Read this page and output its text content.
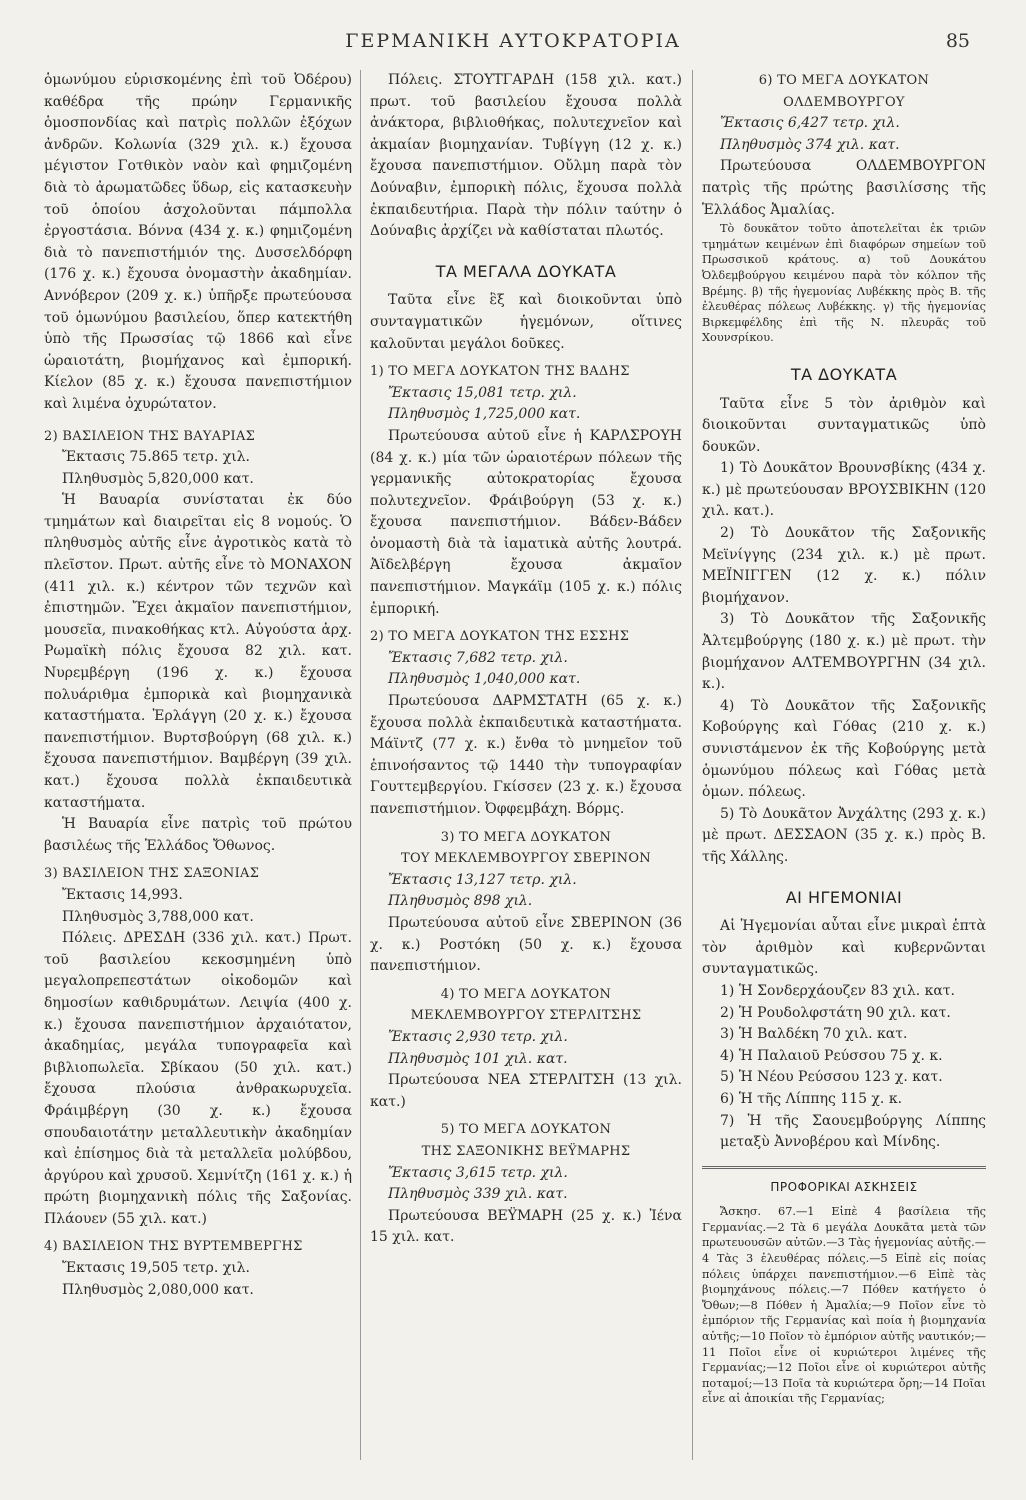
ΓΕΡΜΑΝΙΚΗ ΑΥΤΟΚΡΑΤΟΡΙΑ	85

ὁμωνύμου εὑρισκομένης ἐπὶ τοῦ Ὀδέρου) καθέδρα τῆς πρώην Γερμανικῆς ὁμοσπονδίας καὶ πατρὶς πολλῶν ἐξόχων ἀνδρῶν. Κολωνία (329 χιλ. κ.) ἔχουσα μέγιστον Γοτθικὸν ναὸν καὶ φημιζομένη διὰ τὸ ἀρωματῶδες ὕδωρ, εἰς κατασκευὴν τοῦ ὁποίου ἀσχολοῦνται πάμπολλα ἐργοστάσια. Βόννα (434 χ. κ.) φημιζομένη διὰ τὸ πανεπιστήμιόν της. Δυσσελδόρφη (176 χ. κ.) ἔχουσα ὀνομαστὴν ἀκαδημίαν. Αννόβερον (209 χ. κ.) ὑπῆρξε πρωτεύουσα τοῦ ὁμωνύμου βασιλείου, ὅπερ κατεκτήθη ὑπὸ τῆς Πρωσσίας τῷ 1866 καὶ εἶνε ὡραιοτάτη, βιομήχανος καὶ ἐμπορική. Κίελον (85 χ. κ.) ἔχουσα πανεπιστήμιον καὶ λιμένα ὀχυρώτατον.

2) ΒΑΣΙΛΕΙΟΝ ΤΗΣ ΒΑΥΑΡΙΑΣ

Ἔκτασις 75.865 τετρ. χιλ.

Πληθυσμὸς 5,820,000 κατ.

Ἡ Βαυαρία συνίσταται ἐκ δύο τμημάτων καὶ διαιρεῖται εἰς 8 νομούς. Ὁ πληθυσμὸς αὐτῆς εἶνε ἀγροτικὸς κατὰ τὸ πλεῖστον. Πρωτ. αὐτῆς εἶνε τὸ ΜΟΝΑΧΟΝ (411 χιλ. κ.) κέντρον τῶν τεχνῶν καὶ ἐπιστημῶν. Ἔχει ἀκμαῖον πανεπιστήμιον, μουσεῖα, πινακοθήκας κτλ. Αὐγούστα ἀρχ. Ρωμαϊκὴ πόλις ἔχουσα 82 χιλ. κατ. Νυρεμβέργη (196 χ. κ.) ἔχουσα πολυάριθμα ἐμπορικὰ καὶ βιομηχανικὰ καταστήματα. Ἐρλάγγη (20 χ. κ.) ἔχουσα πανεπιστήμιον. Βυρτσβούργη (68 χιλ. κ.) ἔχουσα πανεπιστήμιον. Βαμβέργη (39 χιλ. κατ.) ἔχουσα πολλὰ ἐκπαιδευτικὰ καταστήματα.

Ἡ Βαυαρία εἶνε πατρὶς τοῦ πρώτου βασιλέως τῆς Ἑλλάδος Ὄθωνος.

3) ΒΑΣΙΛΕΙΟΝ ΤΗΣ ΣΑΞΟΝΙΑΣ

Ἔκτασις 14,993.

Πληθυσμὸς 3,788,000 κατ.

Πόλεις. ΔΡΕΣΔΗ (336 χιλ. κατ.) Πρωτ. τοῦ βασιλείου κεκοσμημένη ὑπὸ μεγαλοπρεπεστάτων οἰκοδομῶν καὶ δημοσίων καθιδρυμάτων. Λειψία (400 χ. κ.) ἔχουσα πανεπιστήμιον ἀρχαιότατον, ἀκαδημίας, μεγάλα τυπογραφεῖα καὶ βιβλιοπωλεῖα. Σβίκαου (50 χιλ. κατ.) ἔχουσα πλούσια ἀνθρακωρυχεῖα. Φράιμβέργη (30 χ. κ.) ἔχουσα σπουδαιοτάτην μεταλλευτικὴν ἀκαδημίαν καὶ ἐπίσημος διὰ τὰ μεταλλεῖα μολύβδου, ἀργύρου καὶ χρυσοῦ. Χεμνίτζη (161 χ. κ.) ἡ πρώτη βιομηχανικὴ πόλις τῆς Σαξονίας. Πλάουεν (55 χιλ. κατ.)

4) ΒΑΣΙΛΕΙΟΝ ΤΗΣ ΒΥΡΤΕΜΒΕΡΓΗΣ

Ἔκτασις 19,505 τετρ. χιλ.

Πληθυσμὸς 2,080,000 κατ.

Πόλεις. ΣΤΟΥΤΓΑΡΔΗ (158 χιλ. κατ.) πρωτ. τοῦ βασιλείου ἔχουσα πολλὰ ἀνάκτορα, βιβλιοθήκας, πολυτεχνεῖον καὶ ἀκμαίαν βιομηχανίαν. Τυβίγγη (12 χ. κ.) ἔχουσα πανεπιστήμιον. Οὔλμη παρὰ τὸν Δούναβιν, ἐμπορικὴ πόλις, ἔχουσα πολλὰ ἐκπαιδευτήρια. Παρὰ τὴν πόλιν ταύτην ὁ Δούναβις ἀρχίζει νὰ καθίσταται πλωτός.

ΤΑ ΜΕΓΑΛΑ ΔΟΥΚΑΤΑ

Ταῦτα εἶνε ἓξ καὶ διοικοῦνται ὑπὸ συνταγματικῶν ἡγεμόνων, οἵτινες καλοῦνται μεγάλοι δοῦκες.

1) ΤΟ ΜΕΓΑ ΔΟΥΚΑΤΟΝ ΤΗΣ ΒΑΔΗΣ

Ἔκτασις 15,081 τετρ. χιλ.

Πληθυσμὸς 1,725,000 κατ.

Πρωτεύουσα αὐτοῦ εἶνε ἡ ΚΑΡΛΣΡΟΥΗ (84 χ. κ.) μία τῶν ὡραιοτέρων πόλεων τῆς γερμανικῆς αὐτοκρατορίας ἔχουσα πολυτεχνεῖον. Φράιβούργη (53 χ. κ.) ἔχουσα πανεπιστήμιον. Βάδεν-Βάδεν ὀνομαστὴ διὰ τὰ ἰαματικὰ αὐτῆς λουτρά. Ἀϊδελβέργη ἔχουσα ἀκμαῖον πανεπιστήμιον. Μαγκάϊμ (105 χ. κ.) πόλις ἐμπορική.

2) ΤΟ ΜΕΓΑ ΔΟΥΚΑΤΟΝ ΤΗΣ ΕΣΣΗΣ

Ἔκτασις 7,682 τετρ. χιλ.

Πληθυσμὸς 1,040,000 κατ.

Πρωτεύουσα ΔΑΡΜΣΤΑΤΗ (65 χ. κ.) ἔχουσα πολλὰ ἐκπαιδευτικὰ καταστήματα. Μάϊντζ (77 χ. κ.) ἔνθα τὸ μνημεῖον τοῦ ἐπινοήσαντος τῷ 1440 τὴν τυπογραφίαν Γουττεμβεργίου. Γκίσσεν (23 χ. κ.) ἔχουσα πανεπιστήμιον. Ὀφφεμβάχη. Βόρμς.

3) ΤΟ ΜΕΓΑ ΔΟΥΚΑΤΟΝ

ΤΟΥ ΜΕΚΛΕΜΒΟΥΡΓΟΥ ΣΒΕΡΙΝΟΝ

Ἔκτασις 13,127 τετρ. χιλ.

Πληθυσμὸς 898 χιλ.

Πρωτεύουσα αὐτοῦ εἶνε ΣΒΕΡΙΝΟΝ (36 χ. κ.) Ροστόκη (50 χ. κ.) ἔχουσα πανεπιστήμιον.

4) ΤΟ ΜΕΓΑ ΔΟΥΚΑΤΟΝ

ΜΕΚΛΕΜΒΟΥΡΓΟΥ ΣΤΕΡΛΙΤΣΗΣ

Ἔκτασις 2,930 τετρ. χιλ.

Πληθυσμὸς 101 χιλ. κατ.

Πρωτεύουσα ΝΕΑ ΣΤΕΡΛΙΤΣΗ (13 χιλ. κατ.)

5) ΤΟ ΜΕΓΑ ΔΟΥΚΑΤΟΝ

ΤΗΣ ΣΑΞΟΝΙΚΗΣ ΒΕΫΜΑΡΗΣ

Ἔκτασις 3,615 τετρ. χιλ.

Πληθυσμὸς 339 χιλ. κατ.

Πρωτεύουσα ΒΕΫΜΑΡΗ (25 χ. κ.) Ἰένα 15 χιλ. κατ.

6) ΤΟ ΜΕΓΑ ΔΟΥΚΑΤΟΝ

ΟΛΔΕΜΒΟΥΡΓΟΥ

Ἔκτασις 6,427 τετρ. χιλ.

Πληθυσμὸς 374 χιλ. κατ.

Πρωτεύουσα ΟΛΔΕΜΒΟΥΡΓΟΝ πατρὶς τῆς πρώτης βασιλίσσης τῆς Ἑλλάδος Ἀμαλίας.

Τὸ δουκᾶτον τοῦτο ἀποτελεῖται ἐκ τριῶν τμημάτων κειμένων ἐπὶ διαφόρων σημείων τοῦ Πρωσσικοῦ κράτους. α) τοῦ Δουκάτου Ὀλδεμβούργου κειμένου παρὰ τὸν κόλπον τῆς Βρέμης. β) τῆς ἡγεμονίας Λυβέκκης πρὸς Β. τῆς ἐλευθέρας πόλεως Λυβέκκης. γ) τῆς ἡγεμονίας Βιρκεμφέλδης ἐπὶ τῆς Ν. πλευρᾶς τοῦ Χουνσρίκου.

ΤΑ ΔΟΥΚΑΤΑ

Ταῦτα εἶνε 5 τὸν ἀριθμὸν καὶ διοικοῦνται συνταγματικῶς ὑπὸ δουκῶν.

1) Τὸ Δουκᾶτον Βρουνσβίκης (434 χ. κ.) μὲ πρωτεύουσαν ΒΡΟΥΣΒΙΚΗΝ (120 χιλ. κατ.).

2) Τὸ Δουκᾶτον τῆς Σαξονικῆς Μεϊνίγγης (234 χιλ. κ.) μὲ πρωτ. ΜΕΪΝΙΓΓΕΝ (12 χ. κ.) πόλιν βιομήχανον.

3) Τὸ Δουκᾶτον τῆς Σαξονικῆς Ἀλτεμβούργης (180 χ. κ.) μὲ πρωτ. τὴν βιομήχανον ΑΛΤΕΜΒΟΥΡΓΗΝ (34 χιλ. κ.).

4) Τὸ Δουκᾶτον τῆς Σαξονικῆς Κοβούργης καὶ Γόθας (210 χ. κ.) συνιστάμενον ἐκ τῆς Κοβούργης μετὰ ὁμωνύμου πόλεως καὶ Γόθας μετὰ ὁμων. πόλεως.

5) Τὸ Δουκᾶτον Ἀνχάλτης (293 χ. κ.) μὲ πρωτ. ΔΕΣΣΑΟΝ (35 χ. κ.) πρὸς Β. τῆς Χάλλης.

ΑΙ ΗΓΕΜΟΝΙΑΙ

Αἱ Ἡγεμονίαι αὗται εἶνε μικραὶ ἑπτὰ τὸν ἀριθμὸν καὶ κυβερνῶνται συνταγματικῶς.

1) Ἡ Σονδερχάουζεν 83 χιλ. κατ.

2) Ἡ Ρουδολφστάτη 90 χιλ. κατ.

3) Ἡ Βαλδέκη 70 χιλ. κατ.

4) Ἡ Παλαιοῦ Ρεύσσου 75 χ. κ.

5) Ἡ Νέου Ρεύσσου 123 χ. κατ.

6) Ἡ τῆς Λίππης 115 χ. κ.

7) Ἡ τῆς Σαουεμβούργης Λίππης μεταξὺ Ἀννοβέρου καὶ Μίνδης.

ΠΡΟΦΟΡΙΚΑΙ ΑΣΚΗΣΕΙΣ

Ἄσκησ. 67.—1 Εἰπὲ 4 βασίλεια τῆς Γερμανίας.—2 Τὰ 6 μεγάλα Δουκᾶτα μετὰ τῶν πρωτευουσῶν αὐτῶν.—3 Τὰς ἡγεμονίας αὐτῆς.—4 Τὰς 3 ἐλευθέρας πόλεις.—5 Εἰπὲ εἰς ποίας πόλεις ὑπάρχει πανεπιστήμιον.—6 Εἰπὲ τὰς βιομηχάνους πόλεις.—7 Πόθεν κατήγετο ὁ Ὄθων;—8 Πόθεν ἡ Ἀμαλία;—9 Ποῖον εἶνε τὸ ἐμπόριον τῆς Γερμανίας καὶ ποία ἡ βιομηχανία αὐτῆς;—10 Ποῖον τὸ ἐμπόριον αὐτῆς ναυτικόν;—11 Ποῖοι εἶνε οἱ κυριώτεροι λιμένες τῆς Γερμανίας;—12 Ποῖοι εἶνε οἱ κυριώτεροι αὐτῆς ποταμοί;—13 Ποῖα τὰ κυριώτερα ὄρη;—14 Ποῖαι εἶνε αἱ ἀποικίαι τῆς Γερμανίας;
